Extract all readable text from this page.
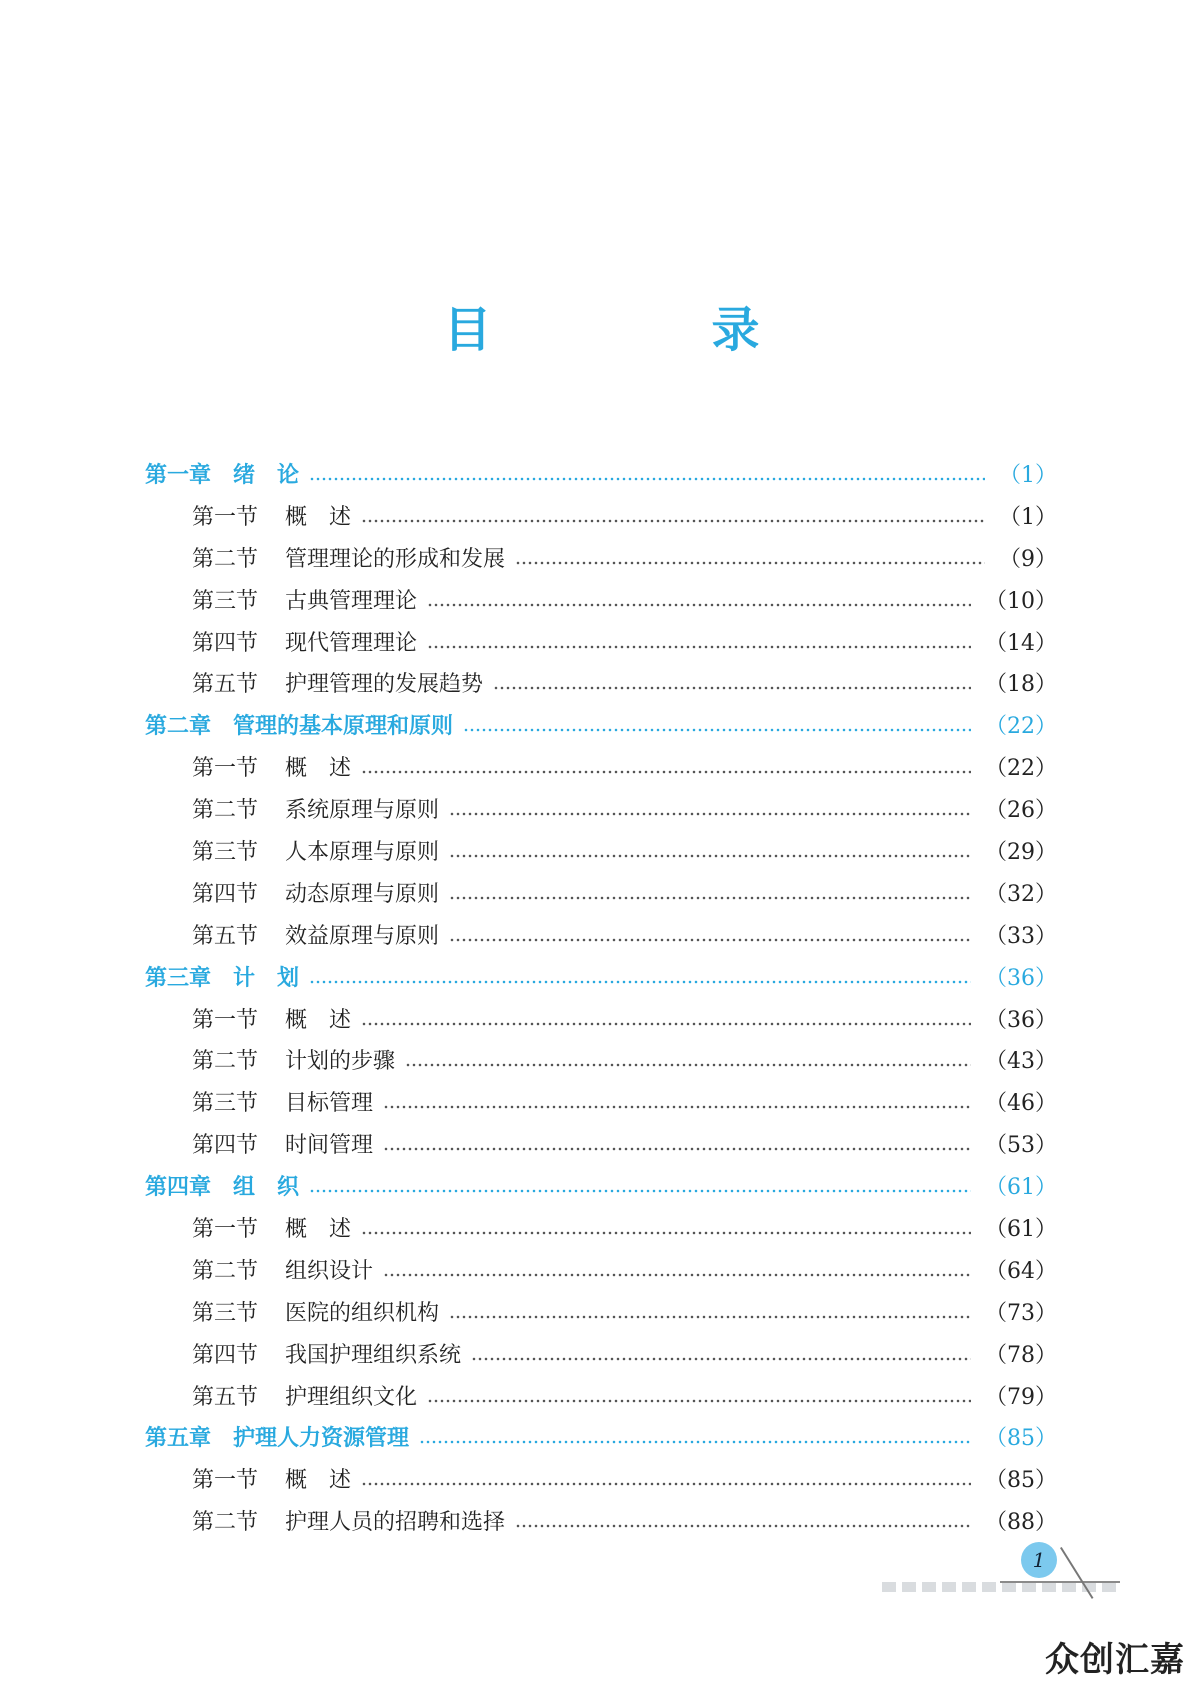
目　录
第一章　绪　论	（1）
第一节	概　述	（1）
第二节	管理理论的形成和发展	（9）
第三节	古典管理理论	（10）
第四节	现代管理理论	（14）
第五节	护理管理的发展趋势	（18）
第二章　管理的基本原理和原则	（22）
第一节	概　述	（22）
第二节	系统原理与原则	（26）
第三节	人本原理与原则	（29）
第四节	动态原理与原则	（32）
第五节	效益原理与原则	（33）
第三章　计　划	（36）
第一节	概　述	（36）
第二节	计划的步骤	（43）
第三节	目标管理	（46）
第四节	时间管理	（53）
第四章　组　织	（61）
第一节	概　述	（61）
第二节	组织设计	（64）
第三节	医院的组织机构	（73）
第四节	我国护理组织系统	（78）
第五节	护理组织文化	（79）
第五章　护理人力资源管理	（85）
第一节	概　述	（85）
第二节	护理人员的招聘和选择	（88）
1
众创汇嘉
